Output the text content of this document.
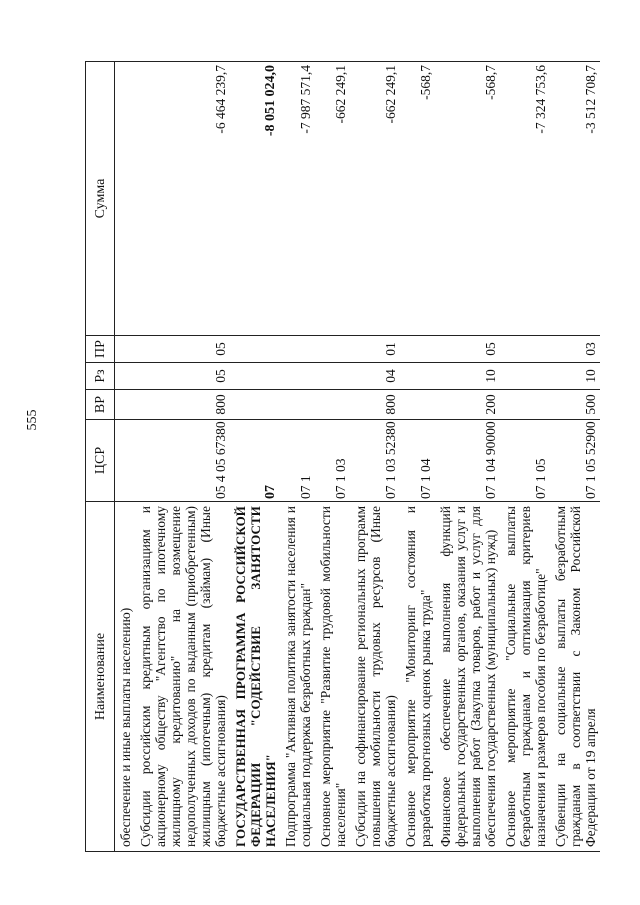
555
Наименование	ЦСР	ВР	Рз	ПР	Сумма
обеспечение и иные выплаты населению)					
Субсидии российским кредитным организациям и акционерному обществу "Агентство по ипотечному жилищному кредитованию" на возмещение недополученных доходов по выданным (приобретенным) жилищным (ипотечным) кредитам (займам) (Иные бюджетные ассигнования)	05 4 05 67380	800	05	05	-6 464 239,7
ГОСУДАРСТВЕННАЯ ПРОГРАММА РОССИЙСКОЙ ФЕДЕРАЦИИ "СОДЕЙСТВИЕ ЗАНЯТОСТИ НАСЕЛЕНИЯ"	07				-8 051 024,0
Подпрограмма "Активная политика занятости населения и социальная поддержка безработных граждан"	07 1				-7 987 571,4
Основное мероприятие "Развитие трудовой мобильности населения"	07 1 03				-662 249,1
Субсидии на софинансирование региональных программ повышения мобильности трудовых ресурсов (Иные бюджетные ассигнования)	07 1 03 52380	800	04	01	-662 249,1
Основное мероприятие "Мониторинг состояния и разработка прогнозных оценок рынка труда"	07 1 04				-568,7
Финансовое обеспечение выполнения функций федеральных государственных органов, оказания услуг и выполнения работ (Закупка товаров, работ и услуг для обеспечения государственных (муниципальных) нужд)	07 1 04 90000	200	10	05	-568,7
Основное мероприятие "Социальные выплаты безработным гражданам и оптимизация критериев назначения и размеров пособия по безработице"	07 1 05				-7 324 753,6
Субвенции на социальные выплаты безработным гражданам в соответствии с Законом Российской Федерации от 19 апреля	07 1 05 52900	500	10	03	-3 512 708,7
